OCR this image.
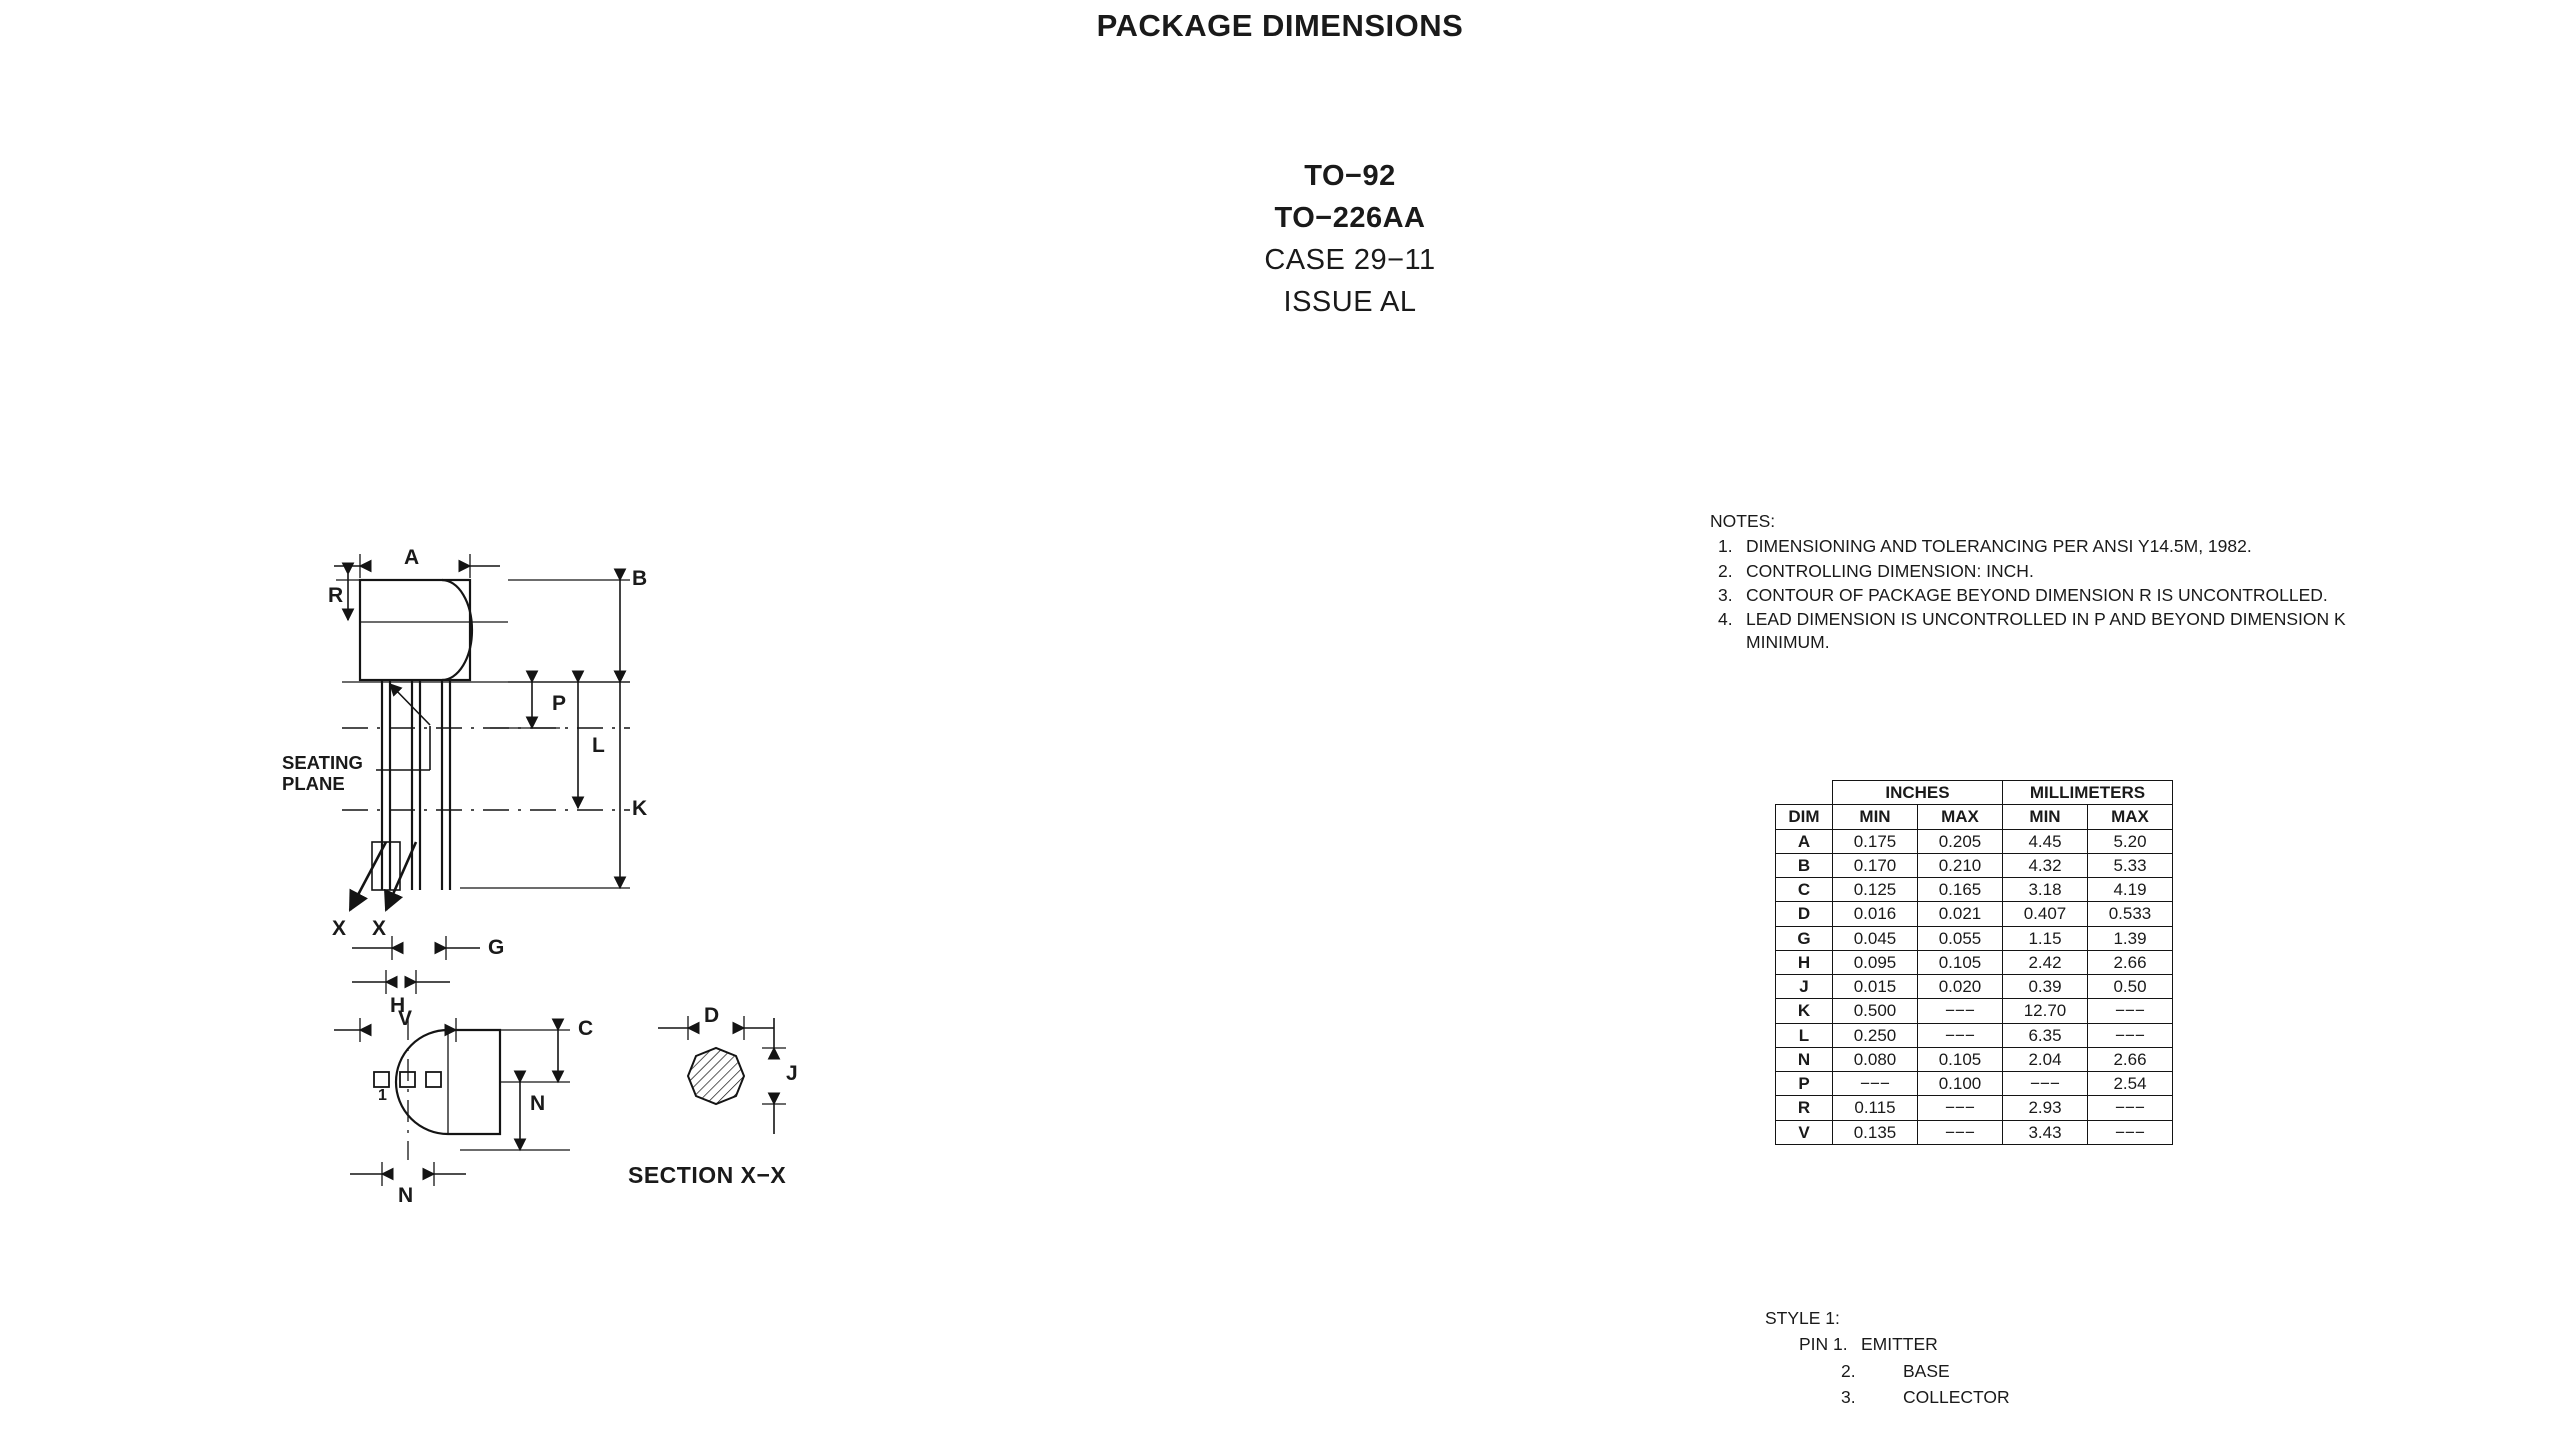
PACKAGE DIMENSIONS
TO−92
TO−226AA
CASE 29−11
ISSUE AL
NOTES:
1. DIMENSIONING AND TOLERANCING PER ANSI Y14.5M, 1982.
2. CONTROLLING DIMENSION: INCH.
3. CONTOUR OF PACKAGE BEYOND DIMENSION R IS UNCONTROLLED.
4. LEAD DIMENSION IS UNCONTROLLED IN P AND BEYOND DIMENSION K MINIMUM.
	INCHES		MILLIMETERS	
DIM	MIN	MAX	MIN	MAX
A	0.175	0.205	4.45	5.20
B	0.170	0.210	4.32	5.33
C	0.125	0.165	3.18	4.19
D	0.016	0.021	0.407	0.533
G	0.045	0.055	1.15	1.39
H	0.095	0.105	2.42	2.66
J	0.015	0.020	0.39	0.50
K	0.500	−−−	12.70	−−−
L	0.250	−−−	6.35	−−−
N	0.080	0.105	2.04	2.66
P	−−−	0.100	−−−	2.54
R	0.115	−−−	2.93	−−−
V	0.135	−−−	3.43	−−−
STYLE 1:
PIN 1. EMITTER
2.	BASE
3.	COLLECTOR
A
B
R
P
L
K
X X
G
H
V	C
N
N
D
J
1
SEATING
PLANE
SECTION X−X
